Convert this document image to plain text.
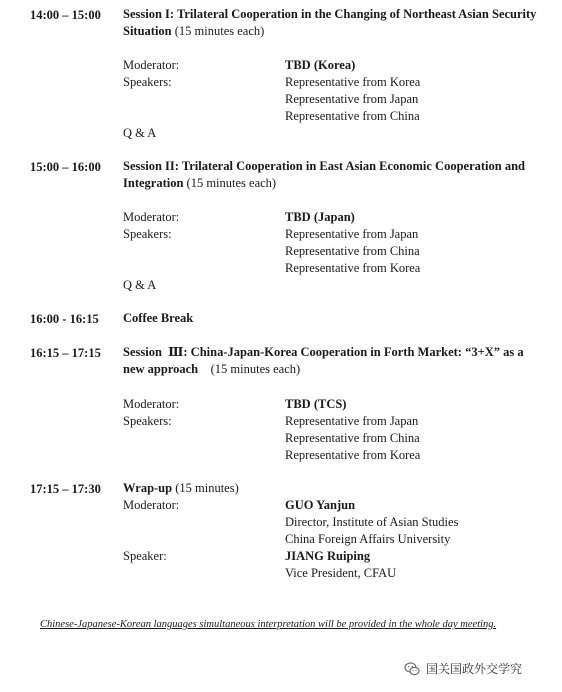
14:00 – 15:00 Session I: Trilateral Cooperation in the Changing of Northeast Asian Security Situation (15 minutes each)
Moderator:	TBD (Korea)
Speakers:	Representative from Korea
Representative from Japan
Representative from China
Q & A
15:00 – 16:00 Session II: Trilateral Cooperation in East Asian Economic Cooperation and Integration (15 minutes each)
Moderator:	TBD (Japan)
Speakers:	Representative from Japan
Representative from China
Representative from Korea
Q & A
16:00 - 16:15 Coffee Break
16:15 – 17:15 Session  Ⅲ: China-Japan-Korea Cooperation in Forth Market: “3+X” as a new approach    (15 minutes each)
Moderator:	TBD (TCS)
Speakers:	Representative from Japan
Representative from China
Representative from Korea
17:15 – 17:30 Wrap-up (15 minutes)
Moderator:	GUO Yanjun
Director, Institute of Asian Studies
China Foreign Affairs University
Speaker:	JIANG Ruiping
Vice President, CFAU
Chinese-Japanese-Korean languages simultaneous interpretation will be provided in the whole day meeting.
国关国政外交学究
